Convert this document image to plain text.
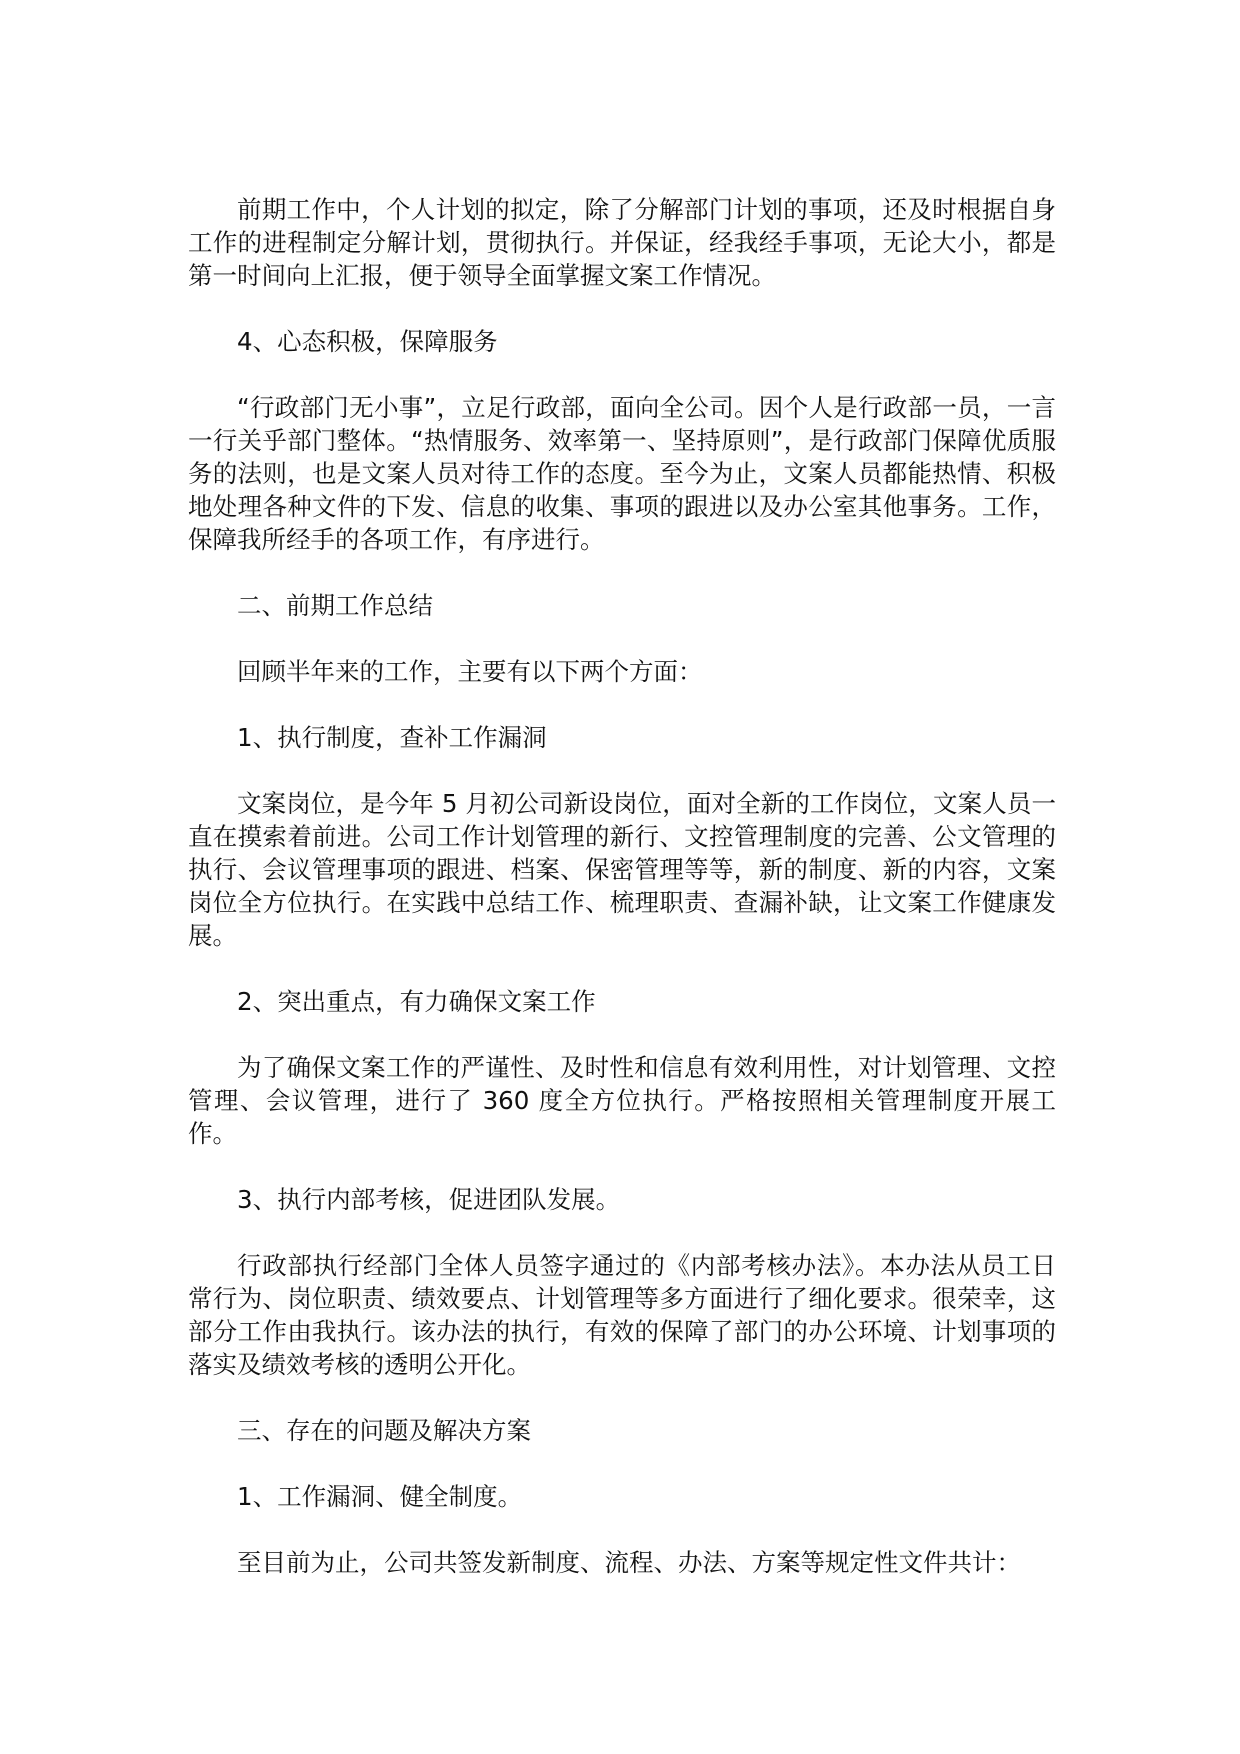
前期工作中，个人计划的拟定，除了分解部门计划的事项，还及时根据自身工作的进程制定分解计划，贯彻执行。并保证，经我经手事项，无论大小，都是第一时间向上汇报，便于领导全面掌握文案工作情况。

4、心态积极，保障服务

“行政部门无小事”，立足行政部，面向全公司。因个人是行政部一员，一言一行关乎部门整体。“热情服务、效率第一、坚持原则”，是行政部门保障优质服务的法则，也是文案人员对待工作的态度。至今为止，文案人员都能热情、积极地处理各种文件的下发、信息的收集、事项的跟进以及办公室其他事务。工作，保障我所经手的各项工作，有序进行。

二、前期工作总结

回顾半年来的工作，主要有以下两个方面：

1、执行制度，查补工作漏洞

文案岗位，是今年 5 月初公司新设岗位，面对全新的工作岗位，文案人员一直在摸索着前进。公司工作计划管理的新行、文控管理制度的完善、公文管理的执行、会议管理事项的跟进、档案、保密管理等等，新的制度、新的内容，文案岗位全方位执行。在实践中总结工作、梳理职责、查漏补缺，让文案工作健康发展。

2、突出重点，有力确保文案工作

为了确保文案工作的严谨性、及时性和信息有效利用性，对计划管理、文控管理、会议管理，进行了 360 度全方位执行。严格按照相关管理制度开展工作。

3、执行内部考核，促进团队发展。

行政部执行经部门全体人员签字通过的《内部考核办法》。本办法从员工日常行为、岗位职责、绩效要点、计划管理等多方面进行了细化要求。很荣幸，这部分工作由我执行。该办法的执行，有效的保障了部门的办公环境、计划事项的落实及绩效考核的透明公开化。

三、存在的问题及解决方案

1、工作漏洞、健全制度。

至目前为止，公司共签发新制度、流程、办法、方案等规定性文件共计：
